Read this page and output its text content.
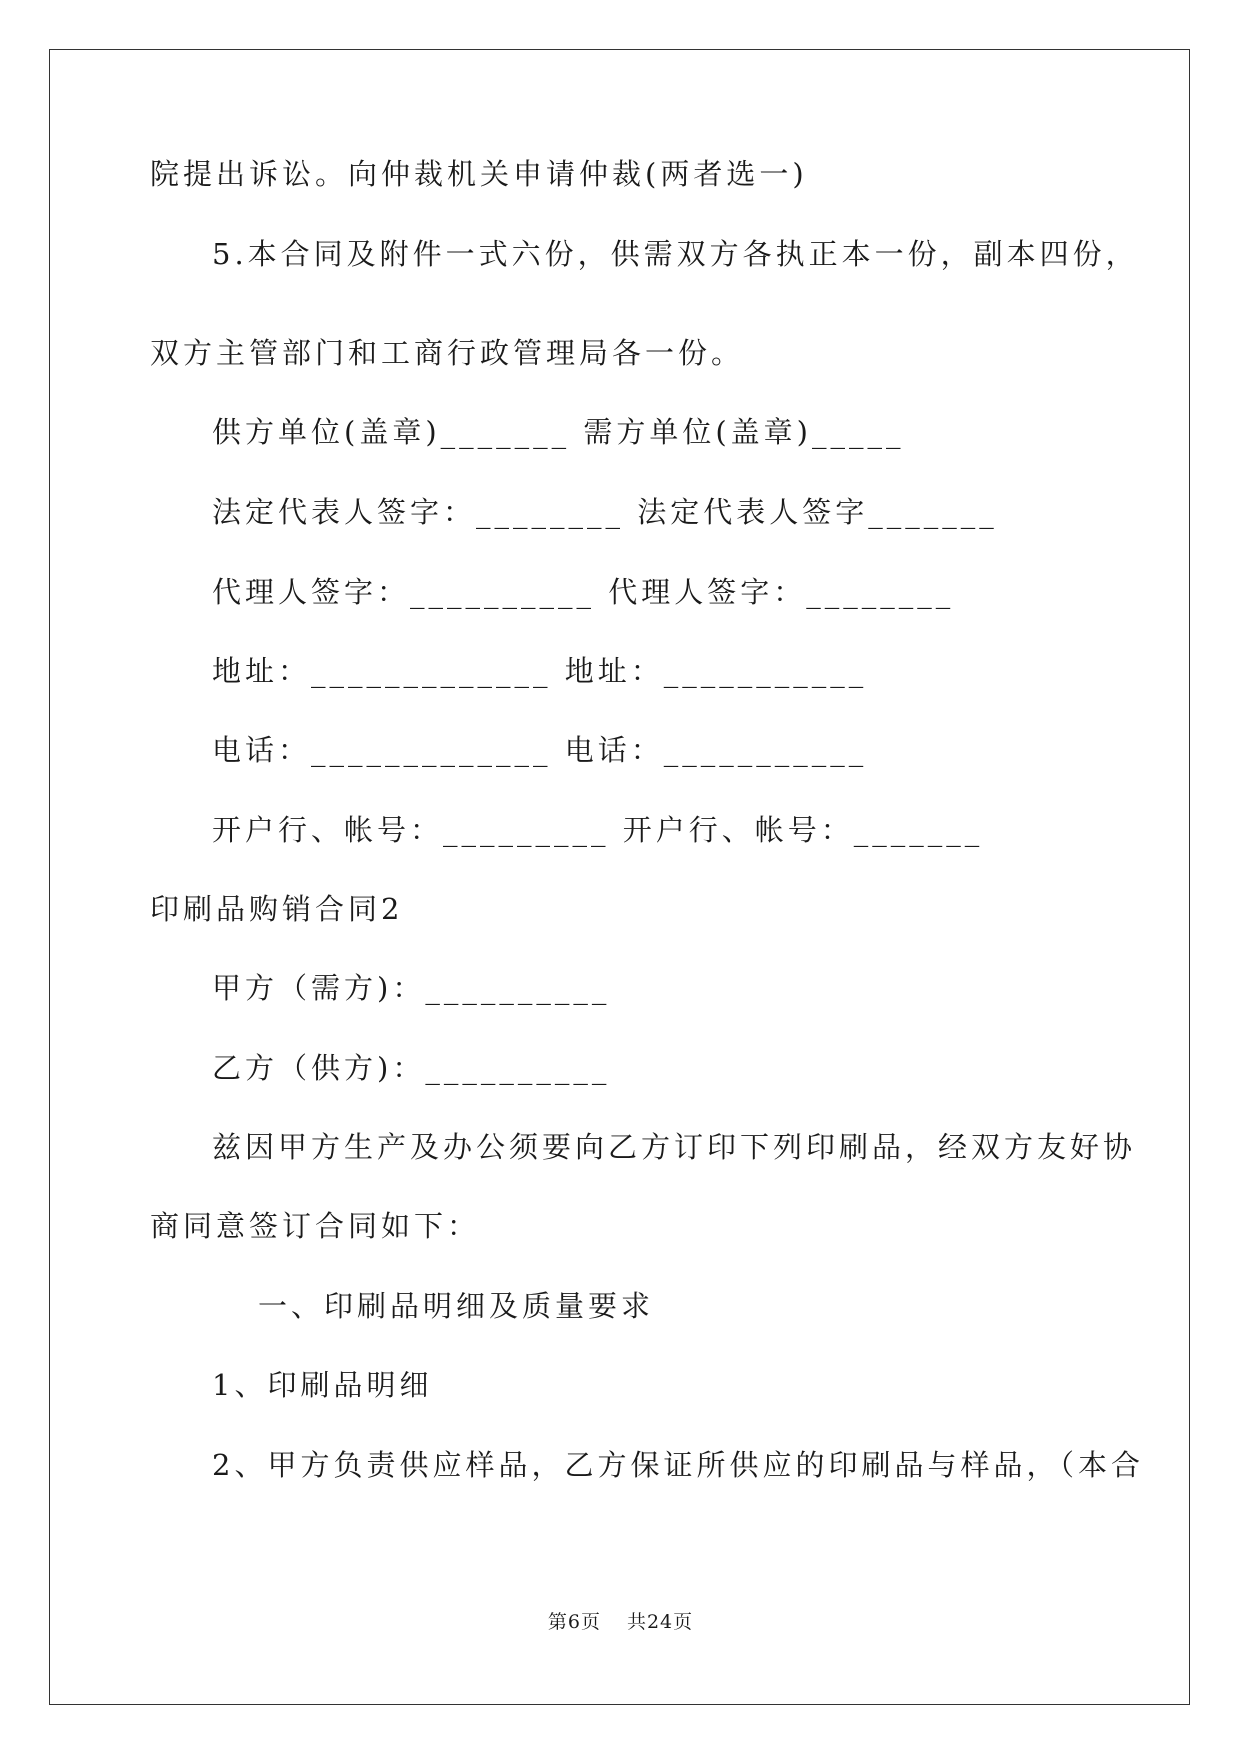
院提出诉讼。向仲裁机关申请仲裁(两者选一)
5.本合同及附件一式六份，供需双方各执正本一份，副本四份，
双方主管部门和工商行政管理局各一份。
供方单位(盖章)_______ 需方单位(盖章)_____
法定代表人签字：________ 法定代表人签字_______
代理人签字：__________ 代理人签字：________
地址：_____________ 地址：___________
电话：_____________ 电话：___________
开户行、帐号：_________ 开户行、帐号：_______
印刷品购销合同2
甲方（需方)：__________
乙方（供方)：__________
兹因甲方生产及办公须要向乙方订印下列印刷品，经双方友好协
商同意签订合同如下：
一、印刷品明细及质量要求
1、印刷品明细
2、甲方负责供应样品，乙方保证所供应的印刷品与样品，（本合
第6页 共24页
